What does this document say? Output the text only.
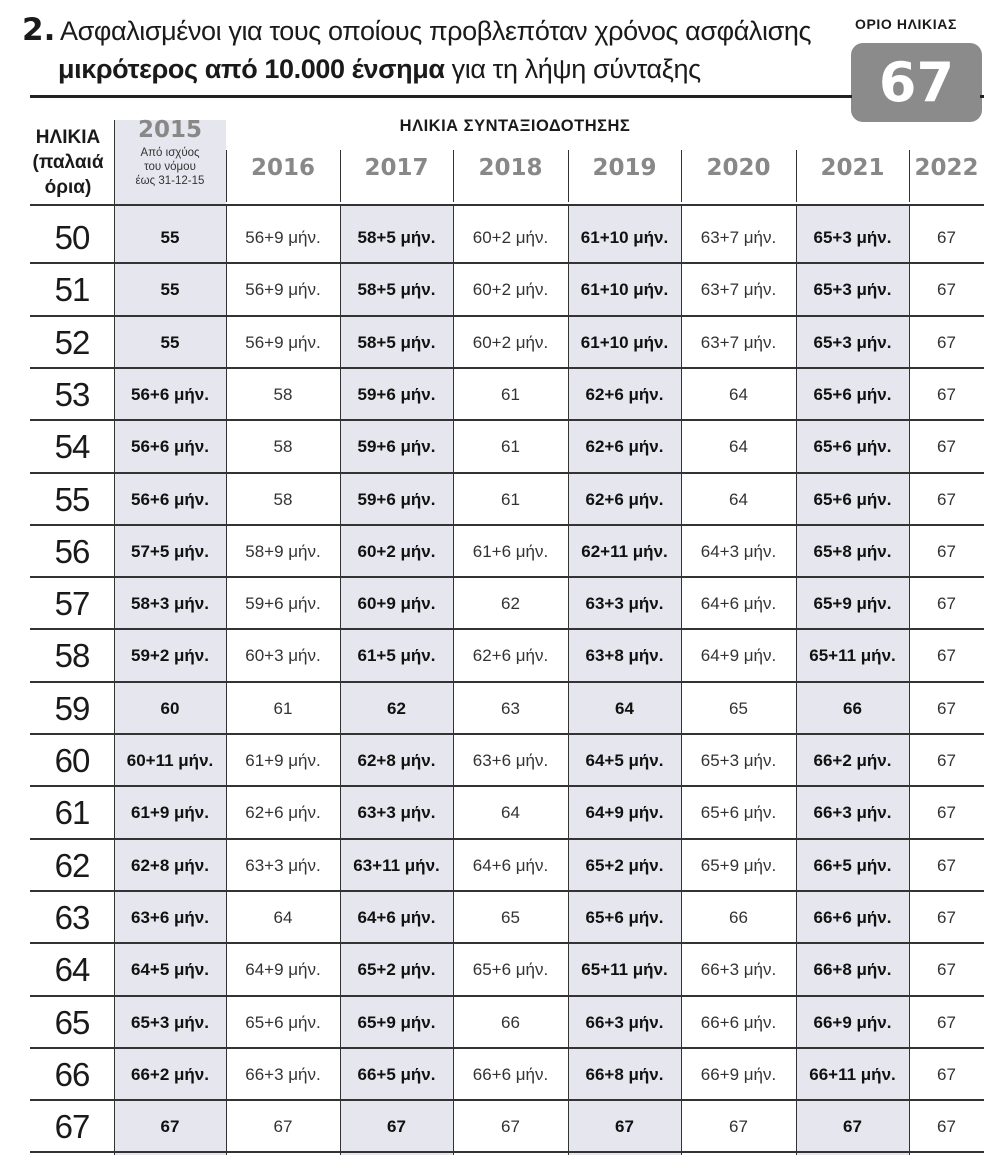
2. Ασφαλισμένοι για τους οποίους προβλεπόταν χρόνος ασφάλισης
μικρότερος από 10.000 ένσημα για τη λήψη σύνταξης
ΟΡΙΟ ΗΛΙΚΙΑΣ
67
ΗΛΙΚΙΑ
(παλαιά
όρια)
2015
Από ισχύος
του νόμου
έως 31-12-15
ΗΛΙΚΙΑ ΣΥΝΤΑΞΙΟΔΟΤΗΣΗΣ
2016	2017	2018	2019	2020	2021	2022
50	55	56+9 μήν.	58+5 μήν.	60+2 μήν.	61+10 μήν.	63+7 μήν.	65+3 μήν.	67
51	55	56+9 μήν.	58+5 μήν.	60+2 μήν.	61+10 μήν.	63+7 μήν.	65+3 μήν.	67
52	55	56+9 μήν.	58+5 μήν.	60+2 μήν.	61+10 μήν.	63+7 μήν.	65+3 μήν.	67
53	56+6 μήν.	58	59+6 μήν.	61	62+6 μήν.	64	65+6 μήν.	67
54	56+6 μήν.	58	59+6 μήν.	61	62+6 μήν.	64	65+6 μήν.	67
55	56+6 μήν.	58	59+6 μήν.	61	62+6 μήν.	64	65+6 μήν.	67
56	57+5 μήν.	58+9 μήν.	60+2 μήν.	61+6 μήν.	62+11 μήν.	64+3 μήν.	65+8 μήν.	67
57	58+3 μήν.	59+6 μήν.	60+9 μήν.	62	63+3 μήν.	64+6 μήν.	65+9 μήν.	67
58	59+2 μήν.	60+3 μήν.	61+5 μήν.	62+6 μήν.	63+8 μήν.	64+9 μήν.	65+11 μήν.	67
59	60	61	62	63	64	65	66	67
60	60+11 μήν.	61+9 μήν.	62+8 μήν.	63+6 μήν.	64+5 μήν.	65+3 μήν.	66+2 μήν.	67
61	61+9 μήν.	62+6 μήν.	63+3 μήν.	64	64+9 μήν.	65+6 μήν.	66+3 μήν.	67
62	62+8 μήν.	63+3 μήν.	63+11 μήν.	64+6 μήν.	65+2 μήν.	65+9 μήν.	66+5 μήν.	67
63	63+6 μήν.	64	64+6 μήν.	65	65+6 μήν.	66	66+6 μήν.	67
64	64+5 μήν.	64+9 μήν.	65+2 μήν.	65+6 μήν.	65+11 μήν.	66+3 μήν.	66+8 μήν.	67
65	65+3 μήν.	65+6 μήν.	65+9 μήν.	66	66+3 μήν.	66+6 μήν.	66+9 μήν.	67
66	66+2 μήν.	66+3 μήν.	66+5 μήν.	66+6 μήν.	66+8 μήν.	66+9 μήν.	66+11 μήν.	67
67	67	67	67	67	67	67	67	67
